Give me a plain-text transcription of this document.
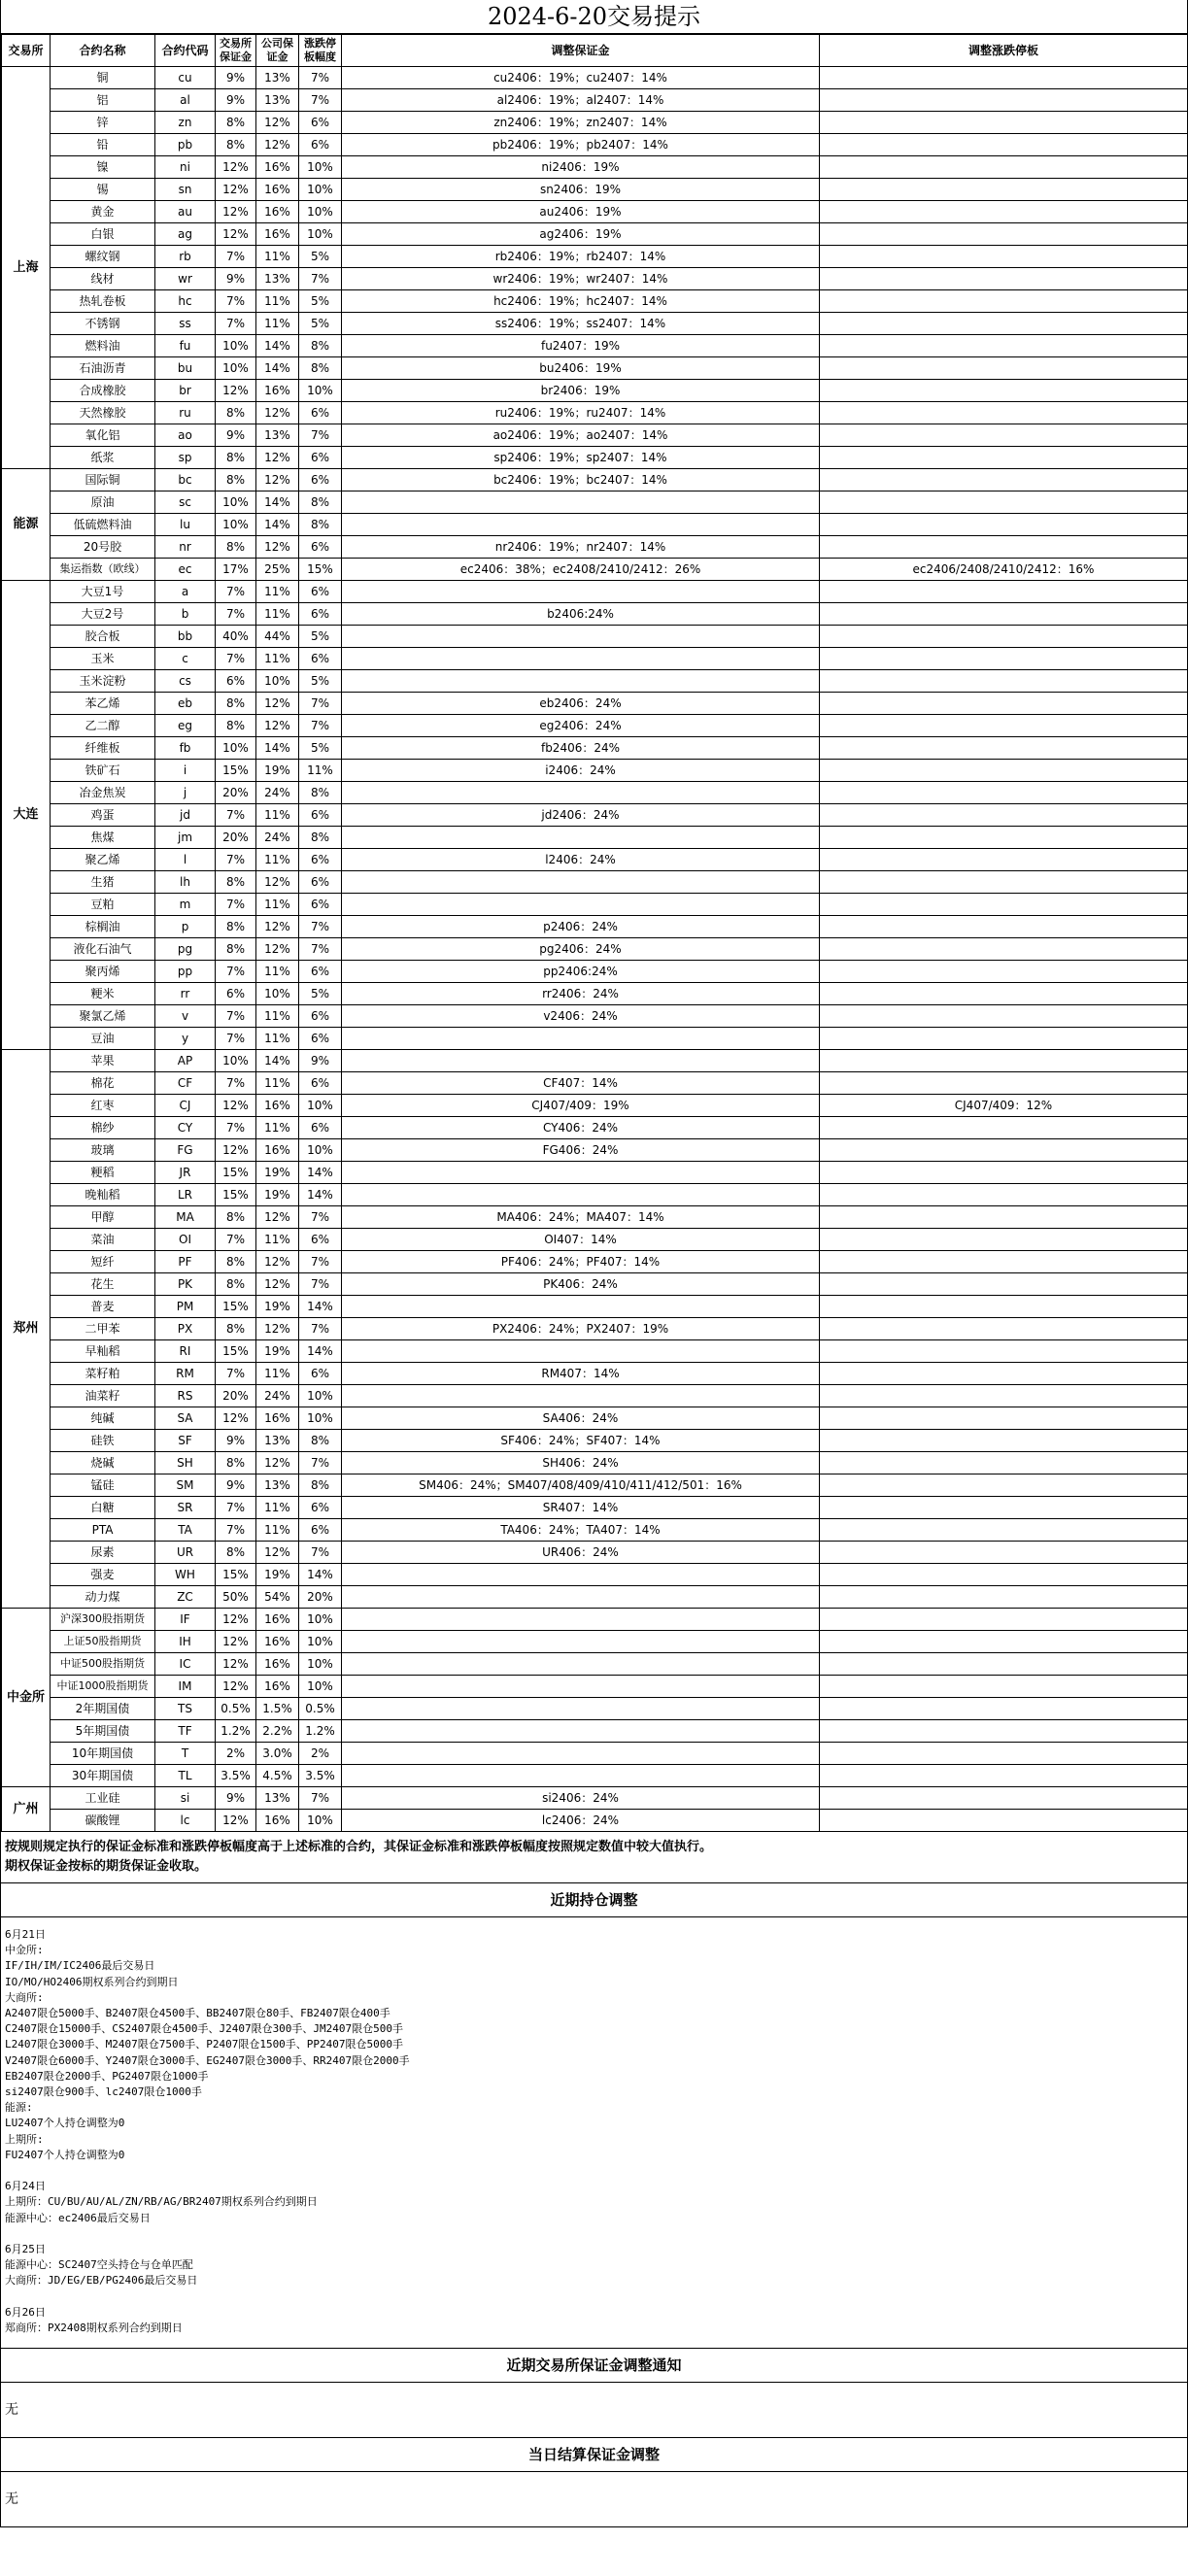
2024-6-20交易提示
交易所	合约名称	合约代码	交易所保证金	公司保证金	涨跌停板幅度	调整保证金	调整涨跌停板
上海	铜	cu	9%	13%	7%	cu2406：19%；cu2407：14%	
	铝	al	9%	13%	7%	al2406：19%；al2407：14%	
	锌	zn	8%	12%	6%	zn2406：19%；zn2407：14%	
	铅	pb	8%	12%	6%	pb2406：19%；pb2407：14%	
	镍	ni	12%	16%	10%	ni2406：19%	
	锡	sn	12%	16%	10%	sn2406：19%	
	黄金	au	12%	16%	10%	au2406：19%	
	白银	ag	12%	16%	10%	ag2406：19%	
	螺纹钢	rb	7%	11%	5%	rb2406：19%；rb2407：14%	
	线材	wr	9%	13%	7%	wr2406：19%；wr2407：14%	
	热轧卷板	hc	7%	11%	5%	hc2406：19%；hc2407：14%	
	不锈钢	ss	7%	11%	5%	ss2406：19%；ss2407：14%	
	燃料油	fu	10%	14%	8%	fu2407：19%	
	石油沥青	bu	10%	14%	8%	bu2406：19%	
	合成橡胶	br	12%	16%	10%	br2406：19%	
	天然橡胶	ru	8%	12%	6%	ru2406：19%；ru2407：14%	
	氧化铝	ao	9%	13%	7%	ao2406：19%；ao2407：14%	
	纸浆	sp	8%	12%	6%	sp2406：19%；sp2407：14%	
能源	国际铜	bc	8%	12%	6%	bc2406：19%；bc2407：14%	
	原油	sc	10%	14%	8%		
	低硫燃料油	lu	10%	14%	8%		
	20号胶	nr	8%	12%	6%	nr2406：19%；nr2407：14%	
	集运指数（欧线）	ec	17%	25%	15%	ec2406：38%；ec2408/2410/2412：26%	ec2406/2408/2410/2412：16%
大连	大豆1号	a	7%	11%	6%		
	大豆2号	b	7%	11%	6%	b2406:24%	
	胶合板	bb	40%	44%	5%		
	玉米	c	7%	11%	6%		
	玉米淀粉	cs	6%	10%	5%		
	苯乙烯	eb	8%	12%	7%	eb2406：24%	
	乙二醇	eg	8%	12%	7%	eg2406：24%	
	纤维板	fb	10%	14%	5%	fb2406：24%	
	铁矿石	i	15%	19%	11%	i2406：24%	
	冶金焦炭	j	20%	24%	8%		
	鸡蛋	jd	7%	11%	6%	jd2406：24%	
	焦煤	jm	20%	24%	8%		
	聚乙烯	l	7%	11%	6%	l2406：24%	
	生猪	lh	8%	12%	6%		
	豆粕	m	7%	11%	6%		
	棕榈油	p	8%	12%	7%	p2406：24%	
	液化石油气	pg	8%	12%	7%	pg2406：24%	
	聚丙烯	pp	7%	11%	6%	pp2406:24%	
	粳米	rr	6%	10%	5%	rr2406：24%	
	聚氯乙烯	v	7%	11%	6%	v2406：24%	
	豆油	y	7%	11%	6%		
郑州	苹果	AP	10%	14%	9%		
	棉花	CF	7%	11%	6%	CF407：14%	
	红枣	CJ	12%	16%	10%	CJ407/409：19%	CJ407/409：12%
	棉纱	CY	7%	11%	6%	CY406：24%	
	玻璃	FG	12%	16%	10%	FG406：24%	
	粳稻	JR	15%	19%	14%		
	晚籼稻	LR	15%	19%	14%		
	甲醇	MA	8%	12%	7%	MA406：24%；MA407：14%	
	菜油	OI	7%	11%	6%	OI407：14%	
	短纤	PF	8%	12%	7%	PF406：24%；PF407：14%	
	花生	PK	8%	12%	7%	PK406：24%	
	普麦	PM	15%	19%	14%		
	二甲苯	PX	8%	12%	7%	PX2406：24%；PX2407：19%	
	早籼稻	RI	15%	19%	14%		
	菜籽粕	RM	7%	11%	6%	RM407：14%	
	油菜籽	RS	20%	24%	10%		
	纯碱	SA	12%	16%	10%	SA406：24%	
	硅铁	SF	9%	13%	8%	SF406：24%；SF407：14%	
	烧碱	SH	8%	12%	7%	SH406：24%	
	锰硅	SM	9%	13%	8%	SM406：24%；SM407/408/409/410/411/412/501：16%	
	白糖	SR	7%	11%	6%	SR407：14%	
	PTA	TA	7%	11%	6%	TA406：24%；TA407：14%	
	尿素	UR	8%	12%	7%	UR406：24%	
	强麦	WH	15%	19%	14%		
	动力煤	ZC	50%	54%	20%		
中金所	沪深300股指期货	IF	12%	16%	10%		
	上证50股指期货	IH	12%	16%	10%		
	中证500股指期货	IC	12%	16%	10%		
	中证1000股指期货	IM	12%	16%	10%		
	2年期国债	TS	0.5%	1.5%	0.5%		
	5年期国债	TF	1.2%	2.2%	1.2%		
	10年期国债	T	2%	3.0%	2%		
	30年期国债	TL	3.5%	4.5%	3.5%		
广州	工业硅	si	9%	13%	7%	si2406：24%	
	碳酸锂	lc	12%	16%	10%	lc2406：24%	
按规则规定执行的保证金标准和涨跌停板幅度高于上述标准的合约，其保证金标准和涨跌停板幅度按照规定数值中较大值执行。
期权保证金按标的期货保证金收取。
近期持仓调整
6月21日
中金所:
IF/IH/IM/IC2406最后交易日
IO/MO/HO2406期权系列合约到期日
大商所:
A2407限仓5000手、B2407限仓4500手、BB2407限仓80手、FB2407限仓400手
C2407限仓15000手、CS2407限仓4500手、J2407限仓300手、JM2407限仓500手
L2407限仓3000手、M2407限仓7500手、P2407限仓1500手、PP2407限仓5000手
V2407限仓6000手、Y2407限仓3000手、EG2407限仓3000手、RR2407限仓2000手
EB2407限仓2000手、PG2407限仓1000手
si2407限仓900手、lc2407限仓1000手
能源:
LU2407个人持仓调整为0
上期所:
FU2407个人持仓调整为0
6月24日
上期所：CU/BU/AU/AL/ZN/RB/AG/BR2407期权系列合约到期日
能源中心：ec2406最后交易日
6月25日
能源中心：SC2407空头持仓与仓单匹配
大商所：JD/EG/EB/PG2406最后交易日
6月26日
郑商所：PX2408期权系列合约到期日
近期交易所保证金调整通知
无
当日结算保证金调整
无
